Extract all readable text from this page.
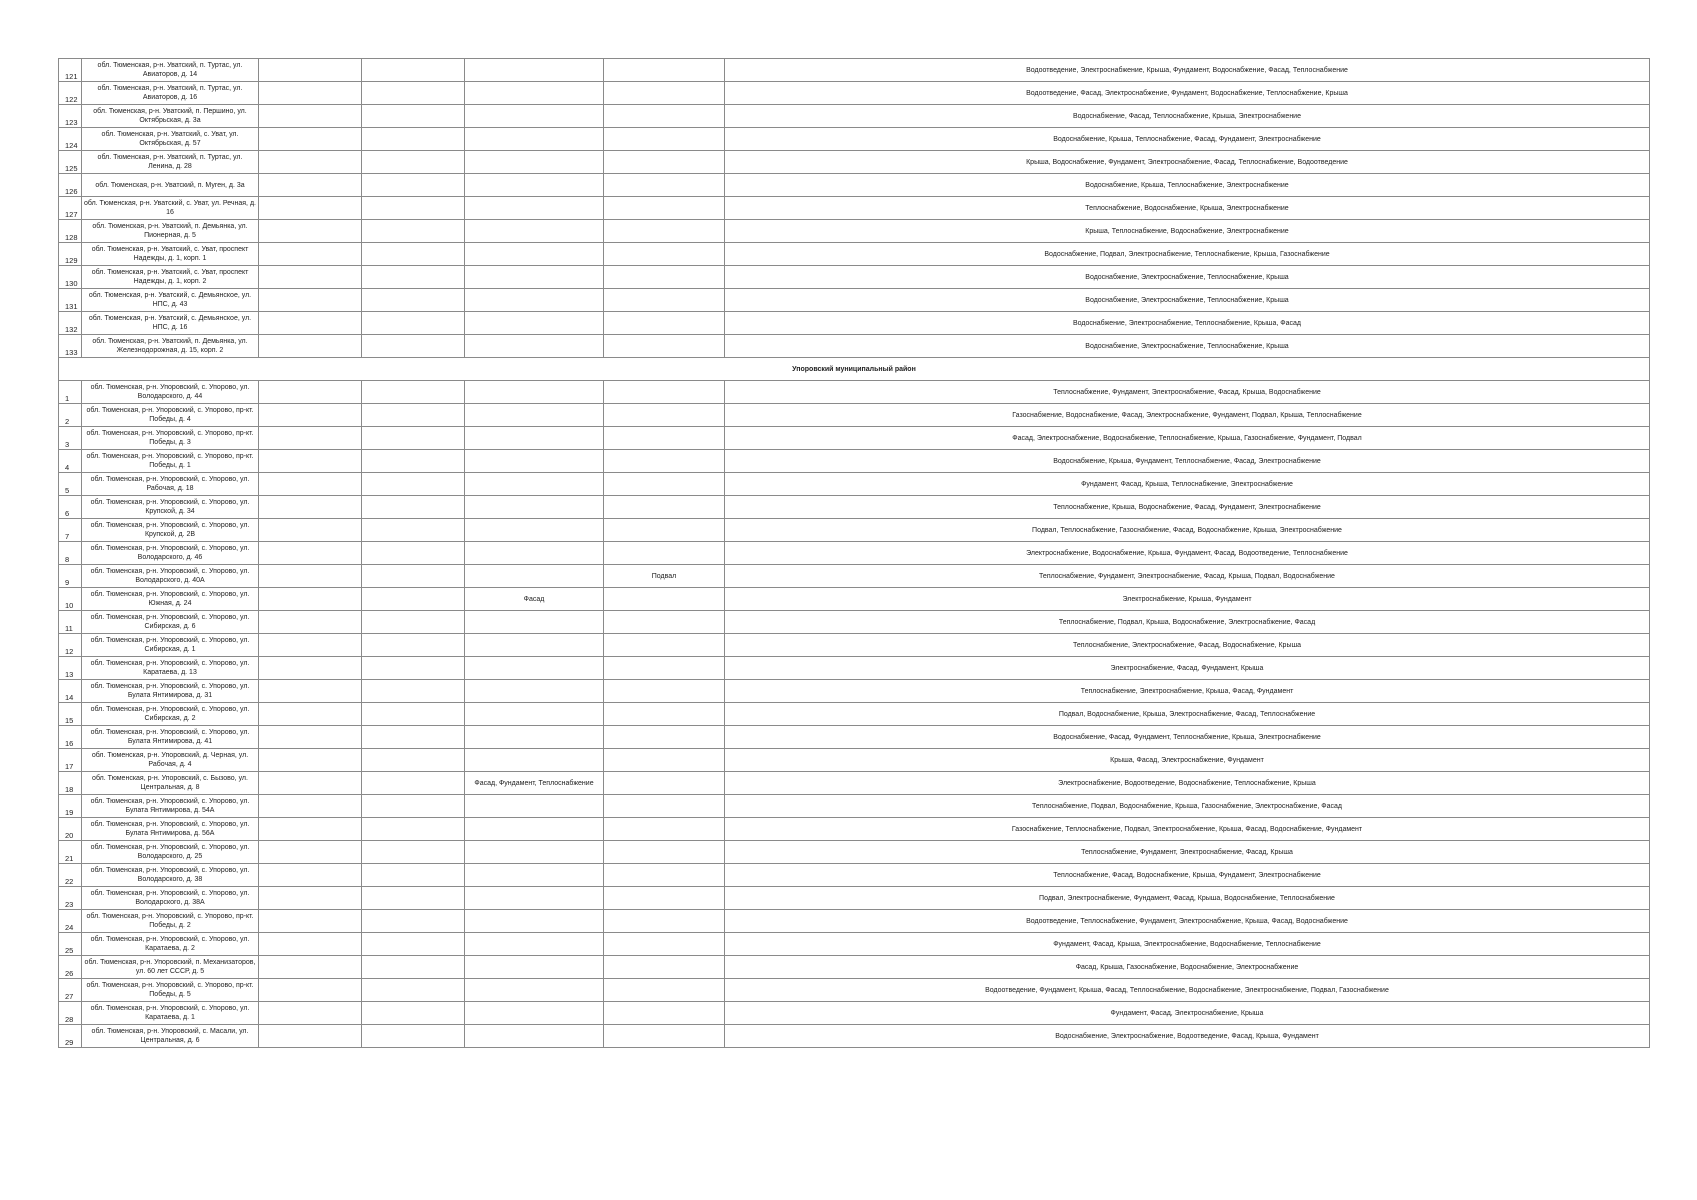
121	обл. Тюменская, р-н. Уватский, п. Туртас, ул. Авиаторов, д. 14					Водоотведение, Электроснабжение, Крыша, Фундамент, Водоснабжение, Фасад, Теплоснабжение
122	обл. Тюменская, р-н. Уватский, п. Туртас, ул. Авиаторов, д. 16					Водоотведение, Фасад, Электроснабжение, Фундамент, Водоснабжение, Теплоснабжение, Крыша
123	обл. Тюменская, р-н. Уватский, п. Першино, ул. Октябрьская, д. 3а					Водоснабжение, Фасад, Теплоснабжение, Крыша, Электроснабжение
124	обл. Тюменская, р-н. Уватский, с. Уват, ул. Октябрьская, д. 57					Водоснабжение, Крыша, Теплоснабжение, Фасад, Фундамент, Электроснабжение
125	обл. Тюменская, р-н. Уватский, п. Туртас, ул. Ленина, д. 28					Крыша, Водоснабжение, Фундамент, Электроснабжение, Фасад, Теплоснабжение, Водоотведение
126	обл. Тюменская, р-н. Уватский, п. Муген, д. 3а					Водоснабжение, Крыша, Теплоснабжение, Электроснабжение
127	обл. Тюменская, р-н. Уватский, с. Уват, ул. Речная, д. 16					Теплоснабжение, Водоснабжение, Крыша, Электроснабжение
128	обл. Тюменская, р-н. Уватский, п. Демьянка, ул. Пионерная, д. 5					Крыша, Теплоснабжение, Водоснабжение, Электроснабжение
129	обл. Тюменская, р-н. Уватский, с. Уват, проспект Надежды, д. 1, корп. 1					Водоснабжение, Подвал, Электроснабжение, Теплоснабжение, Крыша, Газоснабжение
130	обл. Тюменская, р-н. Уватский, с. Уват, проспект Надежды, д. 1, корп. 2					Водоснабжение, Электроснабжение, Теплоснабжение, Крыша
131	обл. Тюменская, р-н. Уватский, с. Демьянское, ул. НПС, д. 43					Водоснабжение, Электроснабжение, Теплоснабжение, Крыша
132	обл. Тюменская, р-н. Уватский, с. Демьянское, ул. НПС, д. 16					Водоснабжение, Электроснабжение, Теплоснабжение, Крыша, Фасад
133	обл. Тюменская, р-н. Уватский, п. Демьянка, ул. Железнодорожная, д. 15, корп. 2					Водоснабжение, Электроснабжение, Теплоснабжение, Крыша
Упоровский муниципальный район						
1	обл. Тюменская, р-н. Упоровский, с. Упорово, ул. Володарского, д. 44					Теплоснабжение, Фундамент, Электроснабжение, Фасад, Крыша, Водоснабжение
2	обл. Тюменская, р-н. Упоровский, с. Упорово, пр-кт. Победы, д. 4					Газоснабжение, Водоснабжение, Фасад, Электроснабжение, Фундамент, Подвал, Крыша, Теплоснабжение
3	обл. Тюменская, р-н. Упоровский, с. Упорово, пр-кт. Победы, д. 3					Фасад, Электроснабжение, Водоснабжение, Теплоснабжение, Крыша, Газоснабжение, Фундамент, Подвал
4	обл. Тюменская, р-н. Упоровский, с. Упорово, пр-кт. Победы, д. 1					Водоснабжение, Крыша, Фундамент, Теплоснабжение, Фасад, Электроснабжение
5	обл. Тюменская, р-н. Упоровский, с. Упорово, ул. Рабочая, д. 18					Фундамент, Фасад, Крыша, Теплоснабжение, Электроснабжение
6	обл. Тюменская, р-н. Упоровский, с. Упорово, ул. Крупской, д. 34					Теплоснабжение, Крыша, Водоснабжение, Фасад, Фундамент, Электроснабжение
7	обл. Тюменская, р-н. Упоровский, с. Упорово, ул. Крупской, д. 2В					Подвал, Теплоснабжение, Газоснабжение, Фасад, Водоснабжение, Крыша, Электроснабжение
8	обл. Тюменская, р-н. Упоровский, с. Упорово, ул. Володарского, д. 46					Электроснабжение, Водоснабжение, Крыша, Фундамент, Фасад, Водоотведение, Теплоснабжение
9	обл. Тюменская, р-н. Упоровский, с. Упорово, ул. Володарского, д. 40А				Подвал	Теплоснабжение, Фундамент, Электроснабжение, Фасад, Крыша, Подвал, Водоснабжение
10	обл. Тюменская, р-н. Упоровский, с. Упорово, ул. Южная, д. 24			Фасад		Электроснабжение, Крыша, Фундамент
11	обл. Тюменская, р-н. Упоровский, с. Упорово, ул. Сибирская, д. 6					Теплоснабжение, Подвал, Крыша, Водоснабжение, Электроснабжение, Фасад
12	обл. Тюменская, р-н. Упоровский, с. Упорово, ул. Сибирская, д. 1					Теплоснабжение, Электроснабжение, Фасад, Водоснабжение, Крыша
13	обл. Тюменская, р-н. Упоровский, с. Упорово, ул. Каратаева, д. 13					Электроснабжение, Фасад, Фундамент, Крыша
14	обл. Тюменская, р-н. Упоровский, с. Упорово, ул. Булата Янтимирова, д. 31					Теплоснабжение, Электроснабжение, Крыша, Фасад, Фундамент
15	обл. Тюменская, р-н. Упоровский, с. Упорово, ул. Сибирская, д. 2					Подвал, Водоснабжение, Крыша, Электроснабжение, Фасад, Теплоснабжение
16	обл. Тюменская, р-н. Упоровский, с. Упорово, ул. Булата Янтимирова, д. 41					Водоснабжение, Фасад, Фундамент, Теплоснабжение, Крыша, Электроснабжение
17	обл. Тюменская, р-н. Упоровский, д. Черная, ул. Рабочая, д. 4					Крыша, Фасад, Электроснабжение, Фундамент
18	обл. Тюменская, р-н. Упоровский, с. Бызово, ул. Центральная, д. 8			Фасад, Фундамент, Теплоснабжение		Электроснабжение, Водоотведение, Водоснабжение, Теплоснабжение, Крыша
19	обл. Тюменская, р-н. Упоровский, с. Упорово, ул. Булата Янтимирова, д. 54А					Теплоснабжение, Подвал, Водоснабжение, Крыша, Газоснабжение, Электроснабжение, Фасад
20	обл. Тюменская, р-н. Упоровский, с. Упорово, ул. Булата Янтимирова, д. 56А					Газоснабжение, Теплоснабжение, Подвал, Электроснабжение, Крыша, Фасад, Водоснабжение, Фундамент
21	обл. Тюменская, р-н. Упоровский, с. Упорово, ул. Володарского, д. 25					Теплоснабжение, Фундамент, Электроснабжение, Фасад, Крыша
22	обл. Тюменская, р-н. Упоровский, с. Упорово, ул. Володарского, д. 38					Теплоснабжение, Фасад, Водоснабжение, Крыша, Фундамент, Электроснабжение
23	обл. Тюменская, р-н. Упоровский, с. Упорово, ул. Володарского, д. 38А					Подвал, Электроснабжение, Фундамент, Фасад, Крыша, Водоснабжение, Теплоснабжение
24	обл. Тюменская, р-н. Упоровский, с. Упорово, пр-кт. Победы, д. 2					Водоотведение, Теплоснабжение, Фундамент, Электроснабжение, Крыша, Фасад, Водоснабжение
25	обл. Тюменская, р-н. Упоровский, с. Упорово, ул. Каратаева, д. 2					Фундамент, Фасад, Крыша, Электроснабжение, Водоснабжение, Теплоснабжение
26	обл. Тюменская, р-н. Упоровский, п. Механизаторов, ул. 60 лет СССР, д. 5					Фасад, Крыша, Газоснабжение, Водоснабжение, Электроснабжение
27	обл. Тюменская, р-н. Упоровский, с. Упорово, пр-кт. Победы, д. 5					Водоотведение, Фундамент, Крыша, Фасад, Теплоснабжение, Водоснабжение, Электроснабжение, Подвал, Газоснабжение
28	обл. Тюменская, р-н. Упоровский, с. Упорово, ул. Каратаева, д. 1					Фундамент, Фасад, Электроснабжение, Крыша
29	обл. Тюменская, р-н. Упоровский, с. Масали, ул. Центральная, д. 6					Водоснабжение, Электроснабжение, Водоотведение, Фасад, Крыша, Фундамент
